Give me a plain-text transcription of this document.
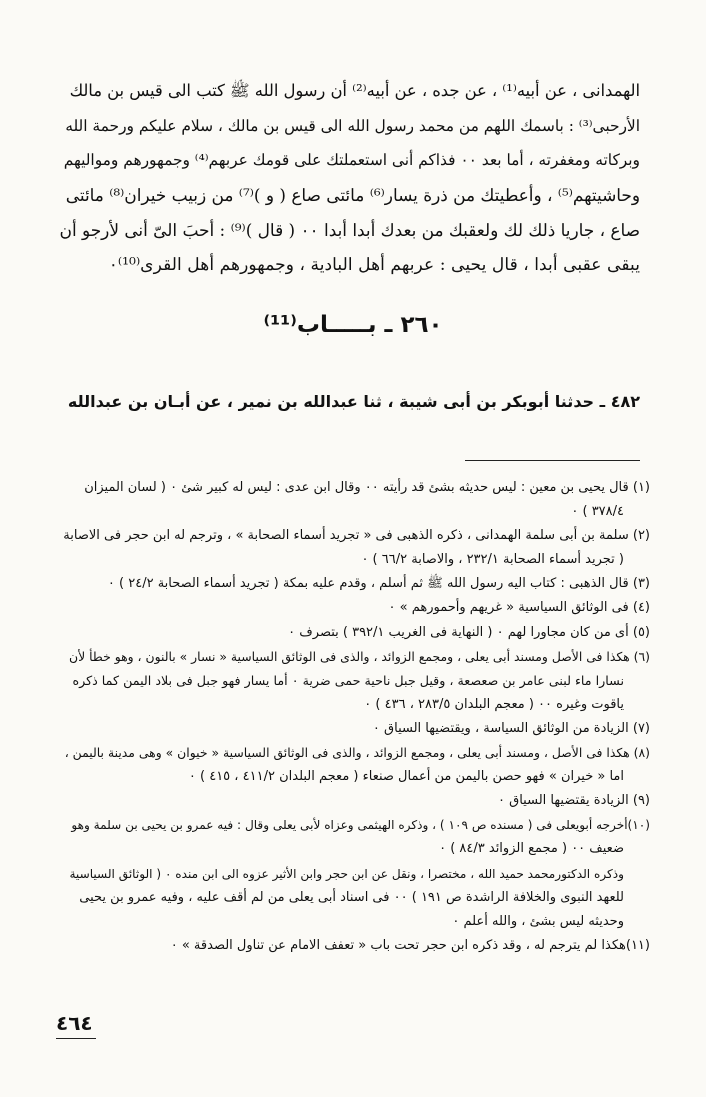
الهمدانى ، عن أبيه⁽¹⁾ ، عن جده ، عن أبيه⁽²⁾ أن رسول الله ﷺ كتب الى قيس بن مالك
الأرحبى⁽³⁾ : باسمك اللهم من محمد رسول الله الى قيس بن مالك ، سلام عليكم ورحمة الله
وبركاته ومغفرته ، أما بعد ٠٠ فذاكم أنى استعملتك على قومك عربهم⁽⁴⁾ وجمهورهم ومواليهم
وحاشيتهم⁽⁵⁾ ، وأعطيتك من ذرة يسار⁽⁶⁾ مائتى صاع ( و )⁽⁷⁾ من زبيب خيران⁽⁸⁾ مائتى
صاع ، جاريا ذلك لك ولعقبك من بعدك أبدا أبدا ٠٠ ( قال )⁽⁹⁾ : أحبَ الىّ أنى لأرجو أن
يبقى عقبى أبدا ، قال يحيى : عربهم أهل البادية ، وجمهورهم أهل القرى⁽¹⁰⁾٠
٢٦٠ ـ بـــــاب⁽¹¹⁾
٤٨٢ ـ حدثنا أبوبكر بن أبى شيبة ، ثنا عبدالله بن نمير ، عن أبـان بن عبدالله
(١) قال يحيى بن معين : ليس حديثه بشئ قد رأيته ٠٠ وقال ابن عدى : ليس له كبير شئ ٠ ( لسان الميزان
٣٧٨/٤ ) ٠
(٢) سلمة بن أبى سلمة الهمدانى ، ذكره الذهبى فى « تجريد أسماء الصحابة » ، وترجم له ابن حجر فى الاصابة
( تجريد أسماء الصحابة ٢٣٢/١ ، والاصابة ٦٦/٢ ) ٠
(٣) قال الذهبى : كتاب اليه رسول الله ﷺ ثم أسلم ، وقدم عليه بمكة ( تجريد أسماء الصحابة ٢٤/٢ ) ٠
(٤) فى الوثائق السياسية « غريهم وأحمورهم » ٠
(٥) أى من كان مجاورا لهم ٠ ( النهاية فى الغريب ٣٩٢/١ ) بتصرف ٠
(٦) هكذا فى الأصل ومسند أبى يعلى ، ومجمع الزوائد ، والذى فى الوثائق السياسية « نسار » بالنون ، وهو خطأ لأن
نسارا ماء لبنى عامر بن صعصعة ، وقيل جبل ناحية حمى ضرية ٠ أما يسار فهو جبل فى بلاد اليمن كما ذكره
ياقوت وغيره ٠٠ ( معجم البلدان ٢٨٣/٥ ، ٤٣٦ ) ٠
(٧) الزيادة من الوثائق السياسة ، ويقتضيها السياق ٠
(٨) هكذا فى الأصل ، ومسند أبى يعلى ، ومجمع الزوائد ، والذى فى الوثائق السياسية « خيوان » وهى مدينة باليمن ،
اما « خيران » فهو حصن باليمن من أعمال صنعاء ( معجم البلدان ٤١١/٢ ، ٤١٥ ) ٠
(٩) الزيادة يقتضيها السياق ٠
(١٠)أخرجه أبويعلى فى ( مسنده ص ١٠٩ ) ، وذكره الهيثمى وعزاه لأبى يعلى وقال : فيه عمرو بن يحيى بن سلمة وهو
ضعيف ٠٠ ( مجمع الزوائد ٨٤/٣ ) ٠
وذكره الدكتورمحمد حميد الله ، مختصرا ، ونقل عن ابن حجر وابن الأثير عزوه الى ابن منده ٠ ( الوثائق السياسية
للعهد النبوى والخلافة الراشدة ص ١٩١ ) ٠٠ فى اسناد أبى يعلى من لم أقف عليه ، وفيه عمرو بن يحيى
وحديثه ليس بشئ ، والله أعلم ٠
(١١)هكذا لم يترجم له ، وقد ذكره ابن حجر تحت باب « تعفف الامام عن تناول الصدقة » ٠
٤٦٤
